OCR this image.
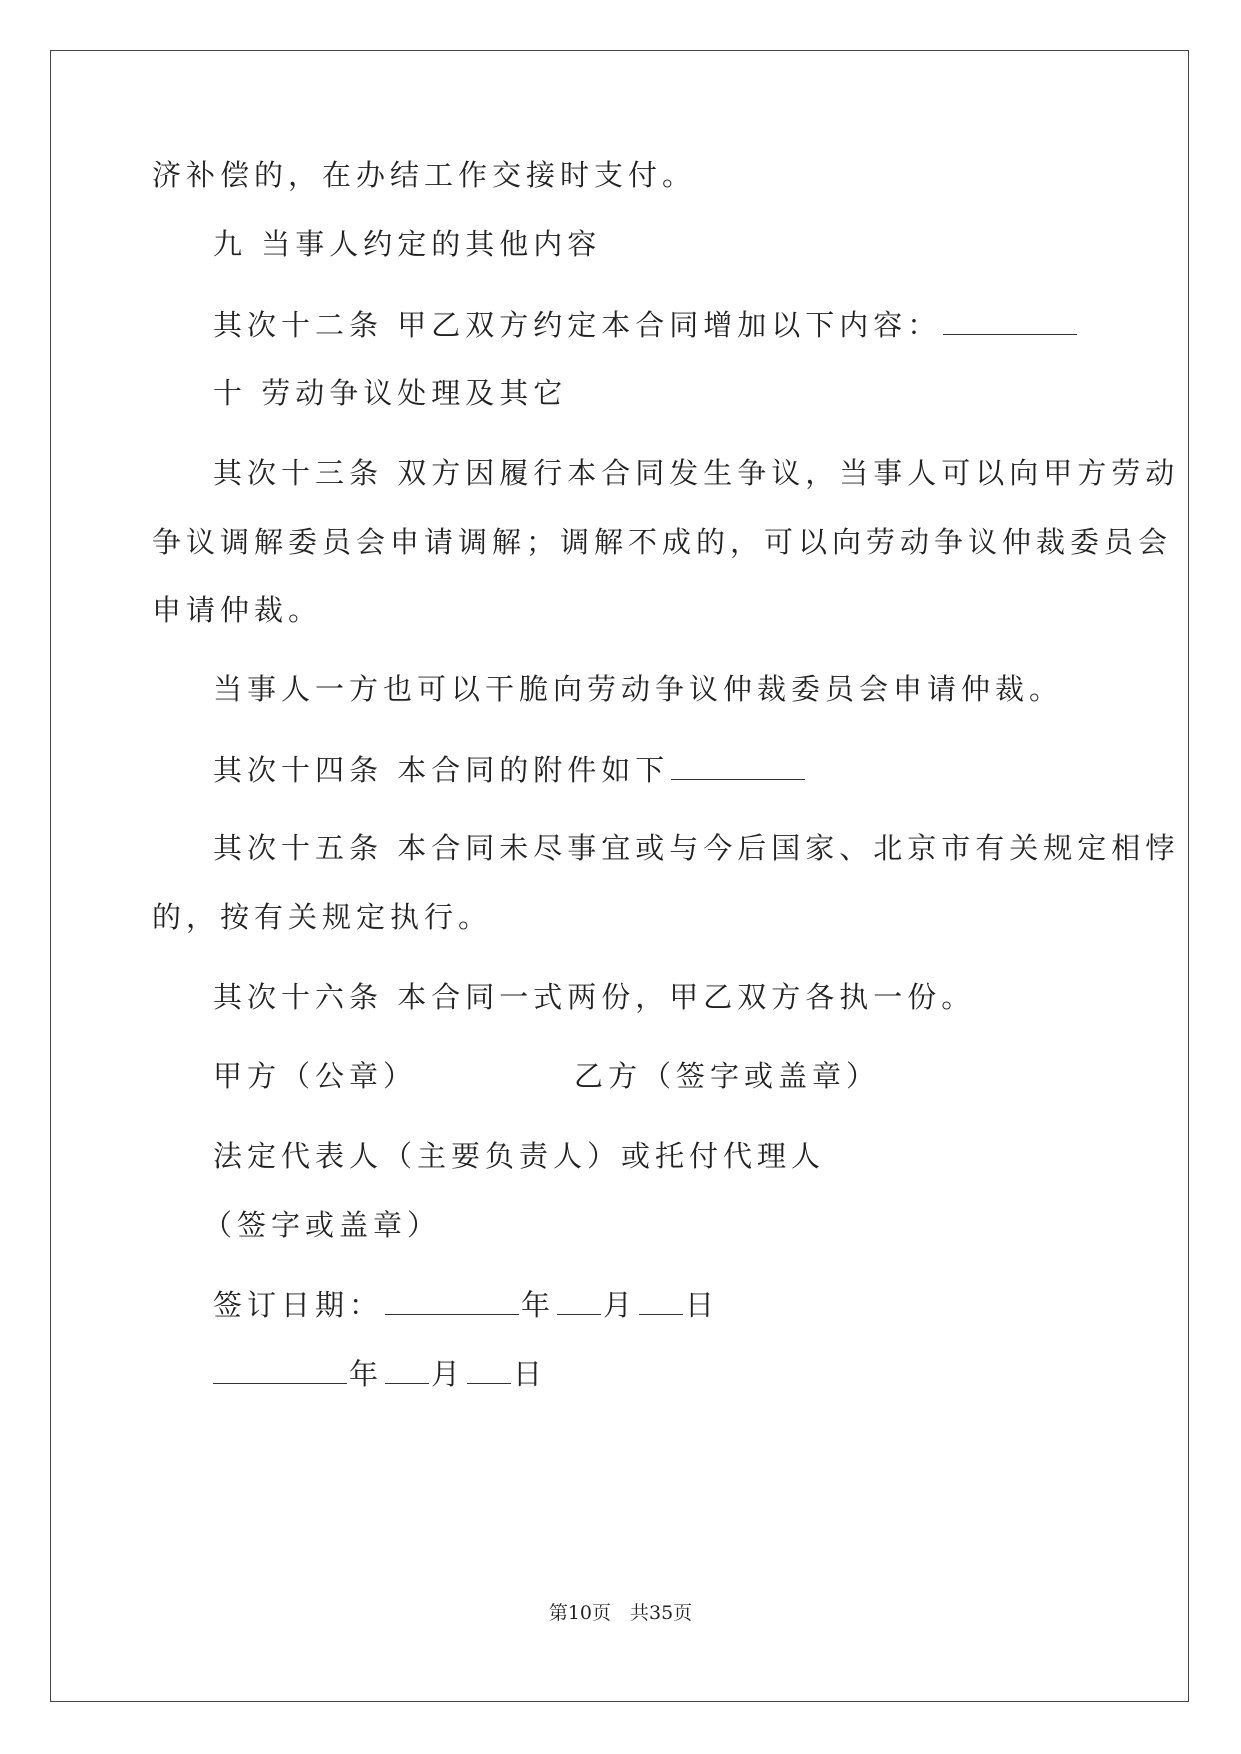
济补偿的，在办结工作交接时支付。
九 当事人约定的其他内容
其次十二条 甲乙双方约定本合同增加以下内容：
十 劳动争议处理及其它
其次十三条 双方因履行本合同发生争议，当事人可以向甲方劳动
争议调解委员会申请调解；调解不成的，可以向劳动争议仲裁委员会
申请仲裁。
当事人一方也可以干脆向劳动争议仲裁委员会申请仲裁。
其次十四条 本合同的附件如下
其次十五条 本合同未尽事宜或与今后国家、北京市有关规定相悖
的，按有关规定执行。
其次十六条 本合同一式两份，甲乙双方各执一份。
甲方（公章）	乙方（签字或盖章）
法定代表人（主要负责人）或托付代理人
（签字或盖章）
签订日期：	年 月 日
年 月 日
第10页　共35页
